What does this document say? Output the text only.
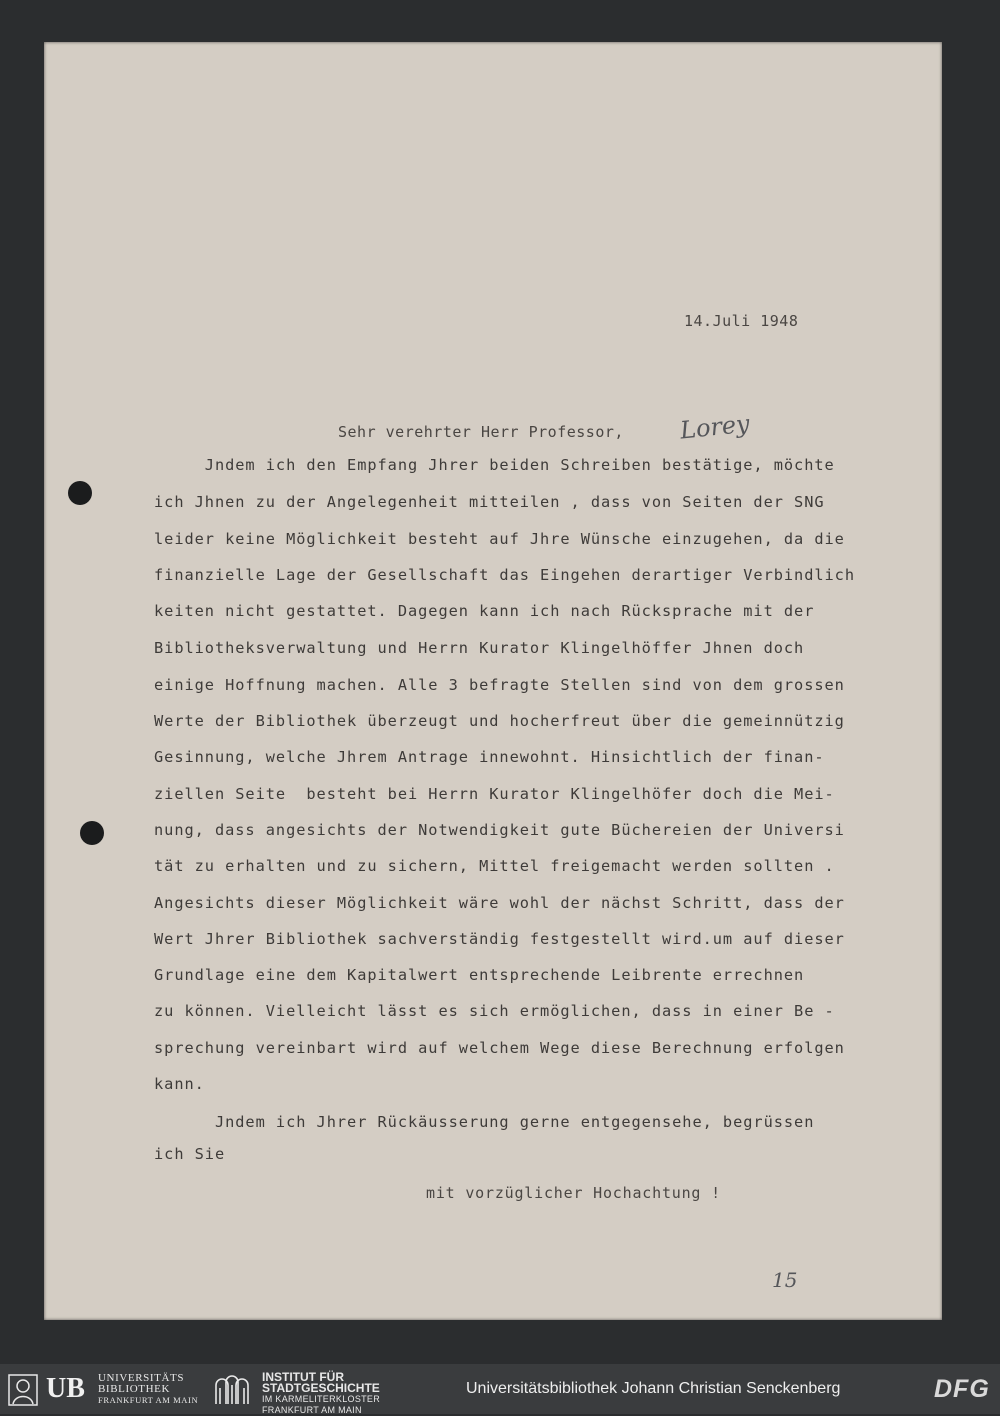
14.Juli 1948
Sehr verehrter Herr Professor, Lorey
Jndem ich den Empfang Jhrer beiden Schreiben bestätige, möchte
ich Jhnen zu der Angelegenheit mitteilen , dass von Seiten der SNG
leider keine Möglichkeit besteht auf Jhre Wünsche einzugehen, da die
finanzielle Lage der Gesellschaft das Eingehen derartiger Verbindlich
keiten nicht gestattet. Dagegen kann ich nach Rücksprache mit der
Bibliotheksverwaltung und Herrn Kurator Klingelhöffer Jhnen doch
einige Hoffnung machen. Alle 3 befragte Stellen sind von dem grossen
Werte der Bibliothek überzeugt und hocherfreut über die gemeinnützig
Gesinnung, welche Jhrem Antrage innewohnt. Hinsichtlich der finan-
ziellen Seite  besteht bei Herrn Kurator Klingelhöfer doch die Mei-
nung, dass angesichts der Notwendigkeit gute Büchereien der Universi
tät zu erhalten und zu sichern, Mittel freigemacht werden sollten .
Angesichts dieser Möglichkeit wäre wohl der nächst Schritt, dass der
Wert Jhrer Bibliothek sachverständig festgestellt wird.um auf dieser
Grundlage eine dem Kapitalwert entsprechende Leibrente errechnen
zu können. Vielleicht lässt es sich ermöglichen, dass in einer Be -
sprechung vereinbart wird auf welchem Wege diese Berechnung erfolgen
kann.
Jndem ich Jhrer Rückäusserung gerne entgegensehe, begrüssen
ich Sie
mit vorzüglicher Hochachtung !
15
UB UNIVERSITÄTS
BIBLIOTHEK
FRANKFURT AM MAIN
INSTITUT FÜR
STADTGESCHICHTE
IM KARMELITERKLOSTER
FRANKFURT AM MAIN
Universitätsbibliothek Johann Christian Senckenberg	DFG
